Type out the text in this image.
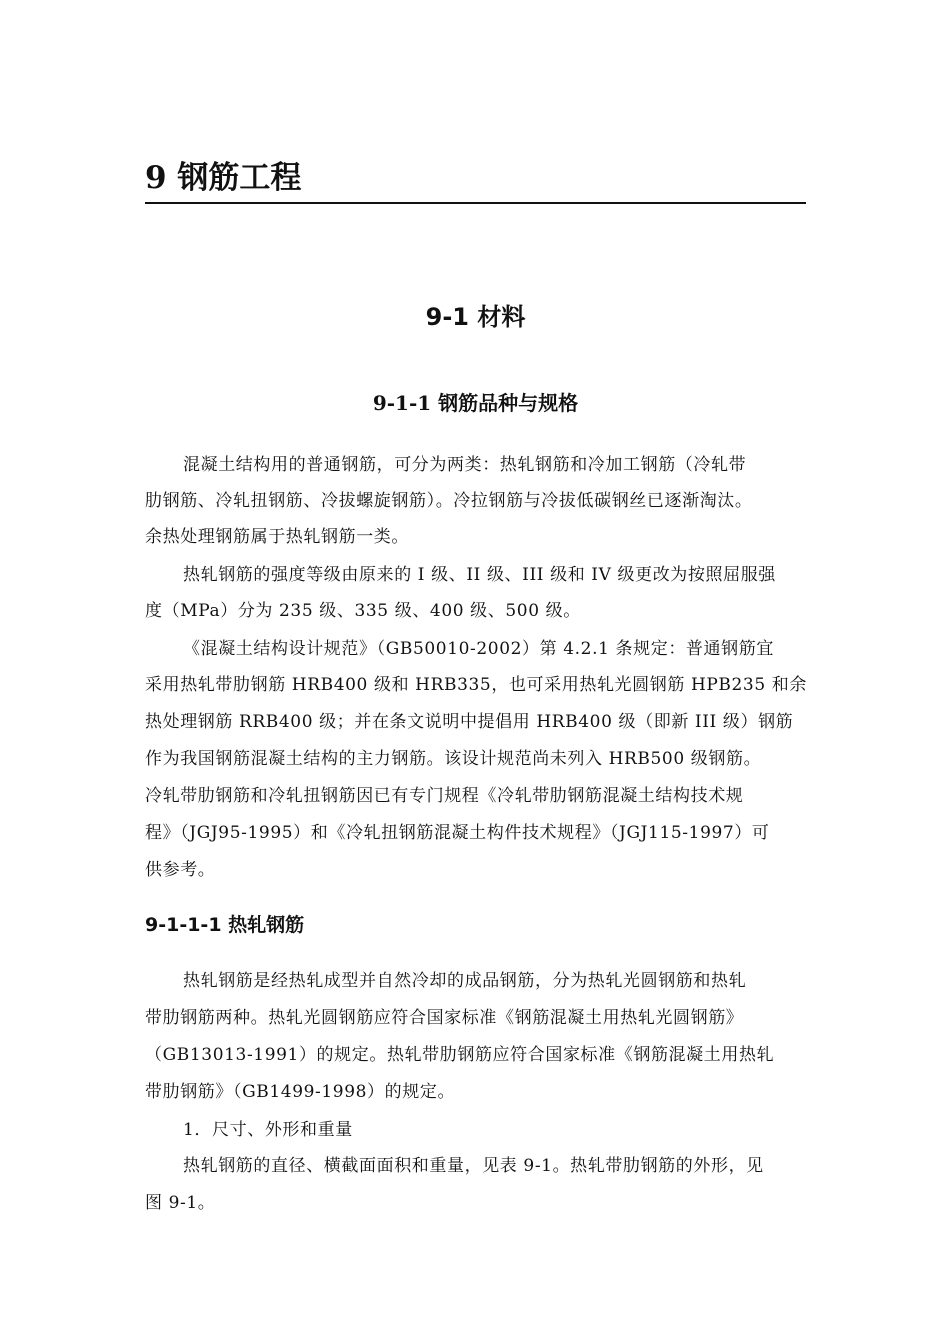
9 钢筋工程
9-1 材料
9-1-1 钢筋品种与规格
混凝土结构用的普通钢筋，可分为两类：热轧钢筋和冷加工钢筋（冷轧带
肋钢筋、冷轧扭钢筋、冷拔螺旋钢筋）。冷拉钢筋与冷拔低碳钢丝已逐渐淘汰。
余热处理钢筋属于热轧钢筋一类。
热轧钢筋的强度等级由原来的 I 级、II 级、III 级和 IV 级更改为按照屈服强
度（MPa）分为 235 级、335 级、400 级、500 级。
《混凝土结构设计规范》（GB50010-2002）第 4.2.1 条规定：普通钢筋宜
采用热轧带肋钢筋 HRB400 级和 HRB335，也可采用热轧光圆钢筋 HPB235 和余
热处理钢筋 RRB400 级；并在条文说明中提倡用 HRB400 级（即新 III 级）钢筋
作为我国钢筋混凝土结构的主力钢筋。该设计规范尚未列入 HRB500 级钢筋。
冷轧带肋钢筋和冷轧扭钢筋因已有专门规程《冷轧带肋钢筋混凝土结构技术规
程》（JGJ95-1995）和《冷轧扭钢筋混凝土构件技术规程》（JGJ115-1997）可
供参考。
9-1-1-1 热轧钢筋
热轧钢筋是经热轧成型并自然冷却的成品钢筋，分为热轧光圆钢筋和热轧
带肋钢筋两种。热轧光圆钢筋应符合国家标准《钢筋混凝土用热轧光圆钢筋》
（GB13013-1991）的规定。热轧带肋钢筋应符合国家标准《钢筋混凝土用热轧
带肋钢筋》（GB1499-1998）的规定。
1．尺寸、外形和重量
热轧钢筋的直径、横截面面积和重量，见表 9-1。热轧带肋钢筋的外形，见
图 9-1。
